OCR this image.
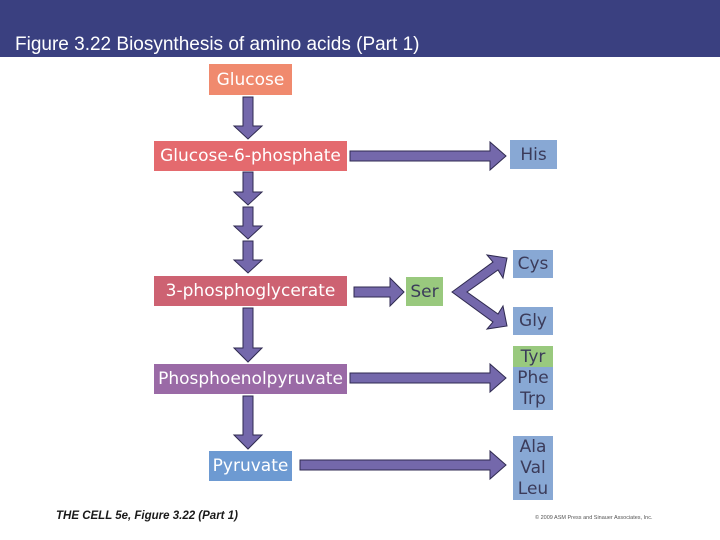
Figure 3.22 Biosynthesis of amino acids (Part 1)
Glucose
Glucose-6-phosphate
3-phosphoglycerate
Phosphoenolpyruvate
Pyruvate
His
Ser
Cys
Gly
Tyr
Phe
Trp
Ala
Val
Leu
THE CELL 5e, Figure 3.22 (Part 1)	© 2009 ASM Press and Sinauer Associates, Inc.
